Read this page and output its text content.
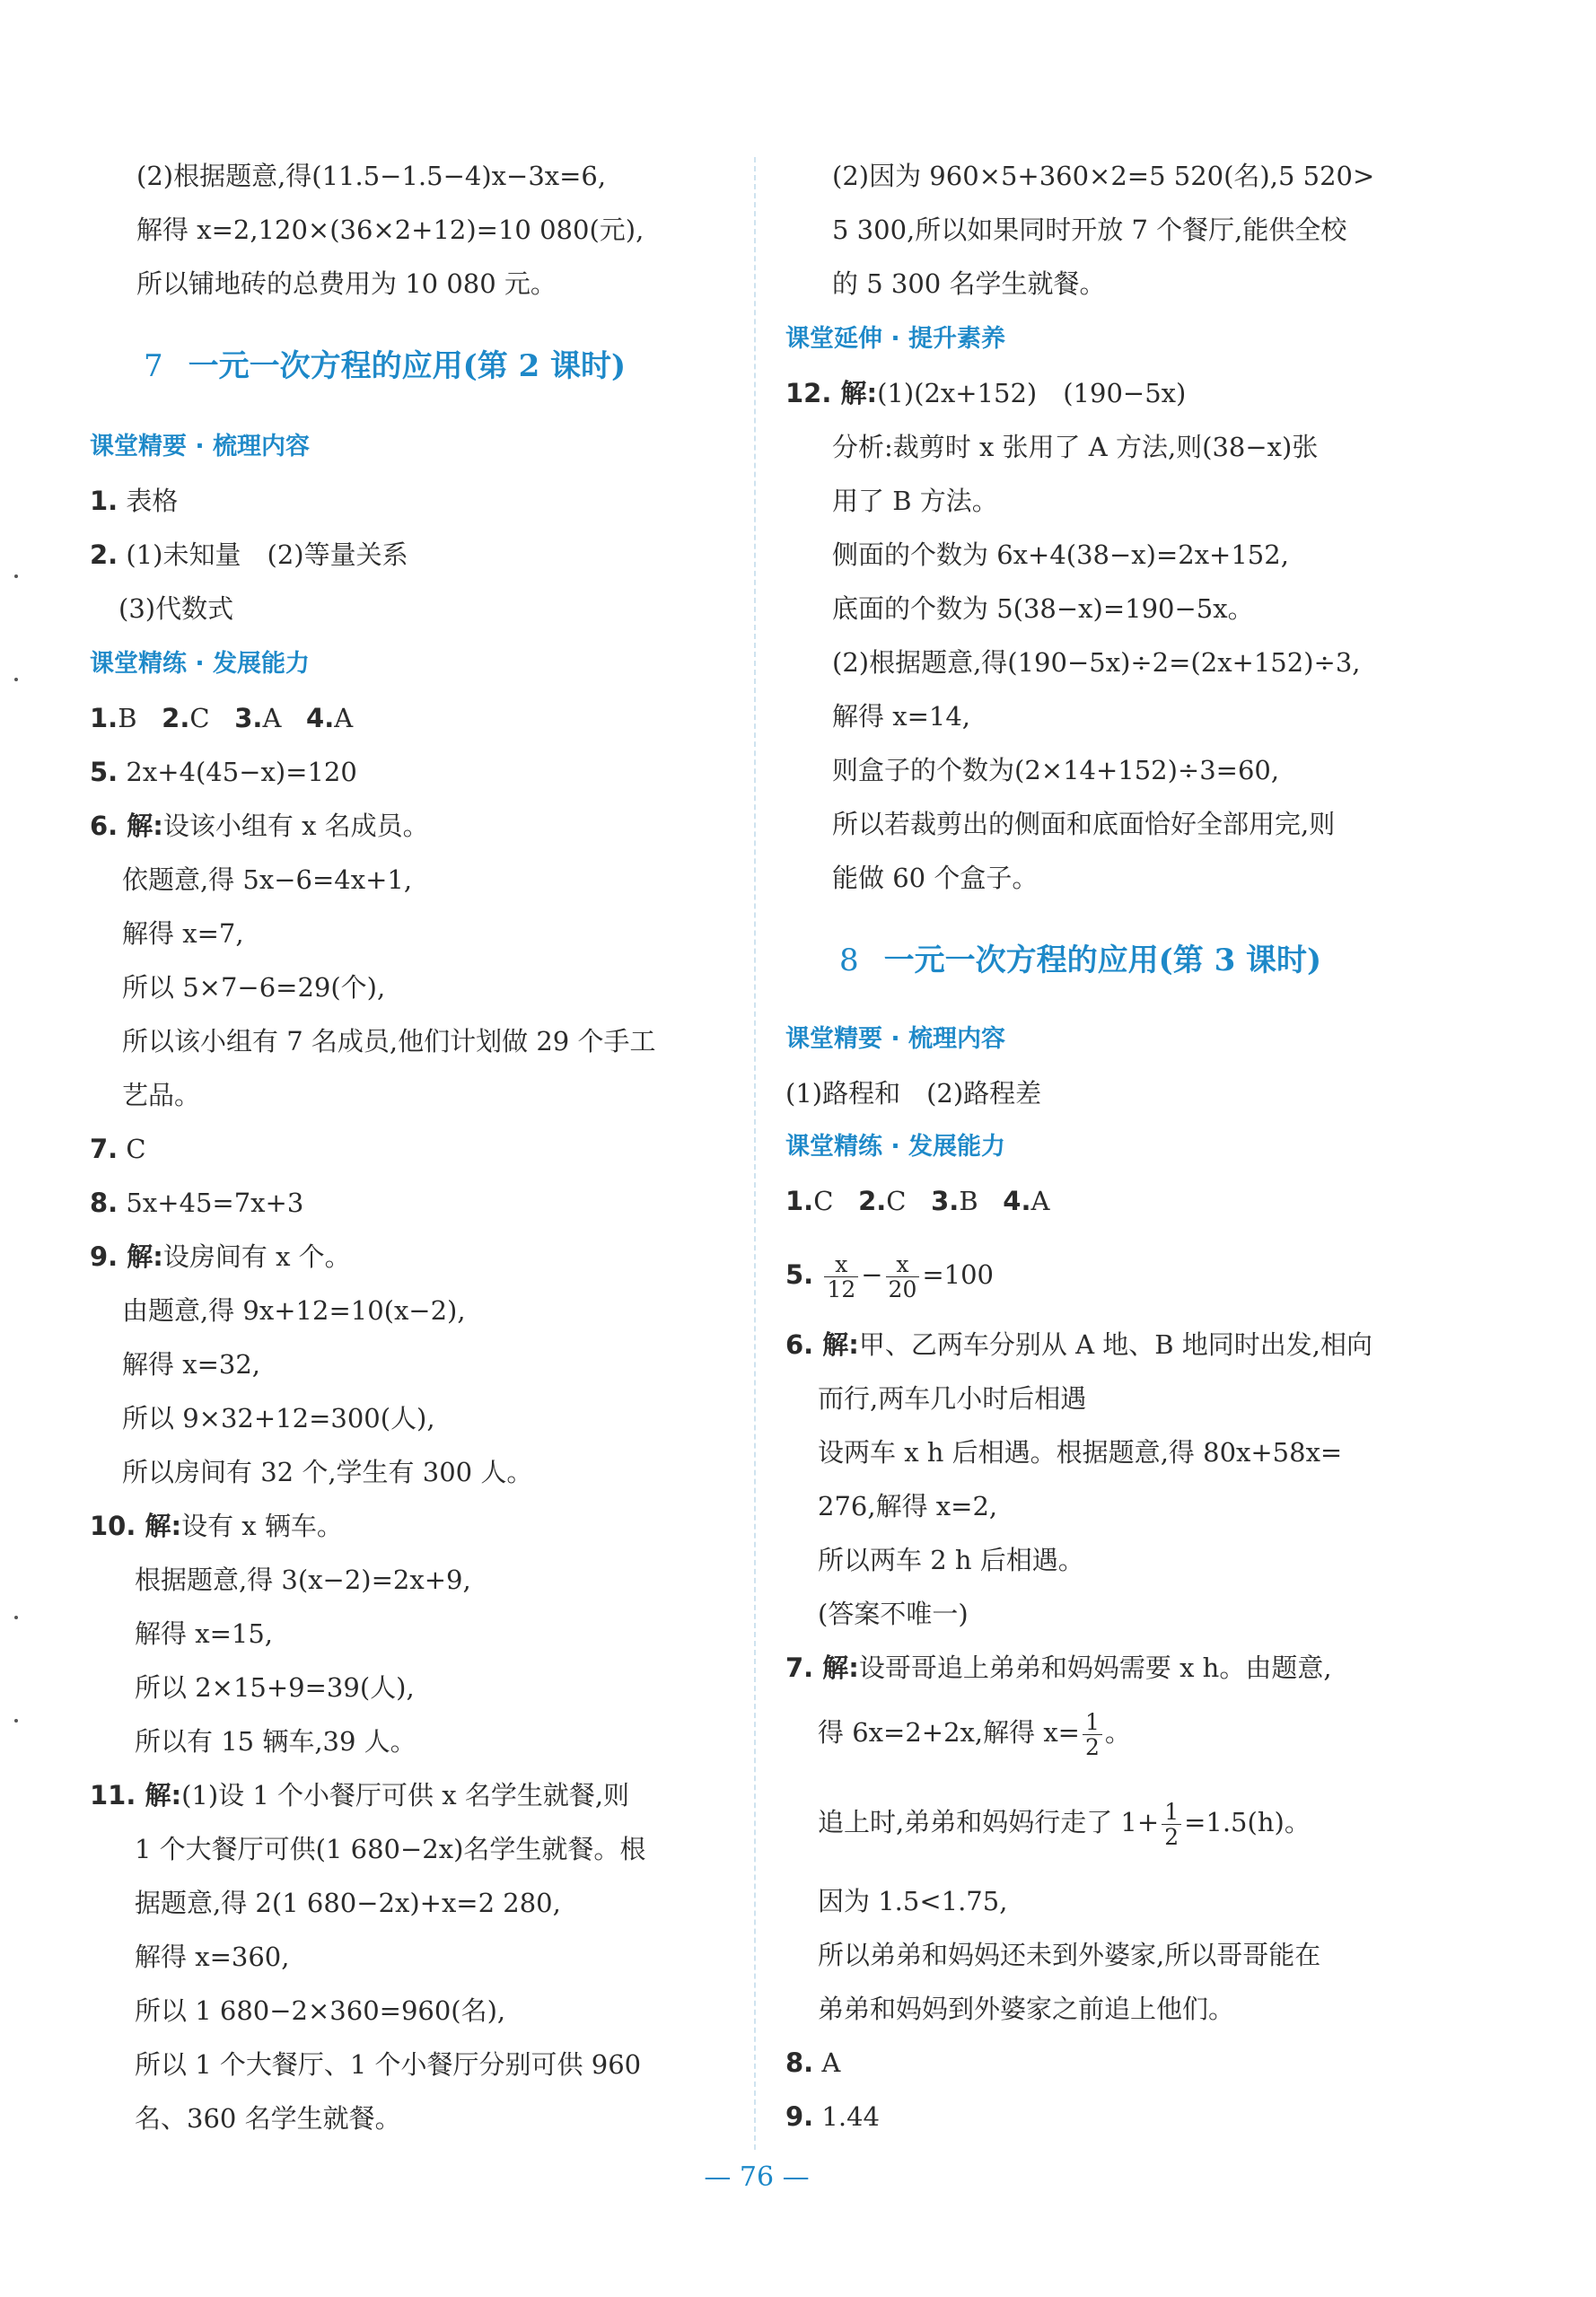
(2)根据题意,得(11.5−1.5−4)x−3x=6,
解得 x=2,120×(36×2+12)=10 080(元),
所以铺地砖的总费用为 10 080 元。
7 一元一次方程的应用(第 2 课时)
课堂精要 · 梳理内容
1. 表格
2. (1)未知量　(2)等量关系
(3)代数式
课堂精练 · 发展能力
1.B 2.C 3.A 4.A
5. 2x+4(45−x)=120
6. 解:设该小组有 x 名成员。
依题意,得 5x−6=4x+1,
解得 x=7,
所以 5×7−6=29(个),
所以该小组有 7 名成员,他们计划做 29 个手工
艺品。
7. C
8. 5x+45=7x+3
9. 解:设房间有 x 个。
由题意,得 9x+12=10(x−2),
解得 x=32,
所以 9×32+12=300(人),
所以房间有 32 个,学生有 300 人。
10. 解:设有 x 辆车。
根据题意,得 3(x−2)=2x+9,
解得 x=15,
所以 2×15+9=39(人),
所以有 15 辆车,39 人。
11. 解:(1)设 1 个小餐厅可供 x 名学生就餐,则
1 个大餐厅可供(1 680−2x)名学生就餐。根
据题意,得 2(1 680−2x)+x=2 280,
解得 x=360,
所以 1 680−2×360=960(名),
所以 1 个大餐厅、1 个小餐厅分别可供 960
名、360 名学生就餐。
(2)因为 960×5+360×2=5 520(名),5 520>
5 300,所以如果同时开放 7 个餐厅,能供全校
的 5 300 名学生就餐。
课堂延伸 · 提升素养
12. 解:(1)(2x+152)　(190−5x)
分析:裁剪时 x 张用了 A 方法,则(38−x)张
用了 B 方法。
侧面的个数为 6x+4(38−x)=2x+152,
底面的个数为 5(38−x)=190−5x。
(2)根据题意,得(190−5x)÷2=(2x+152)÷3,
解得 x=14,
则盒子的个数为(2×14+152)÷3=60,
所以若裁剪出的侧面和底面恰好全部用完,则
能做 60 个盒子。
8 一元一次方程的应用(第 3 课时)
课堂精要 · 梳理内容
(1)路程和　(2)路程差
课堂精练 · 发展能力
1.C 2.C 3.B 4.A
5. $\frac{x}{12} - \frac{x}{20} =100$
6. 解:甲、乙两车分别从 A 地、B 地同时出发,相向
而行,两车几小时后相遇
设两车 x h 后相遇。根据题意,得 80x+58x=
276,解得 x=2,
所以两车 2 h 后相遇。
(答案不唯一)
7. 解:设哥哥追上弟弟和妈妈需要 x h。由题意,
得 6x=2+2x,解得 $x= \frac{1}{2}$ 。
追上时,弟弟和妈妈行走了 $1+ \frac{1}{2} =1.5(h)$。
因为 1.5<1.75,
所以弟弟和妈妈还未到外婆家,所以哥哥能在
弟弟和妈妈到外婆家之前追上他们。
8. A
9. 1.44
— 76 —
